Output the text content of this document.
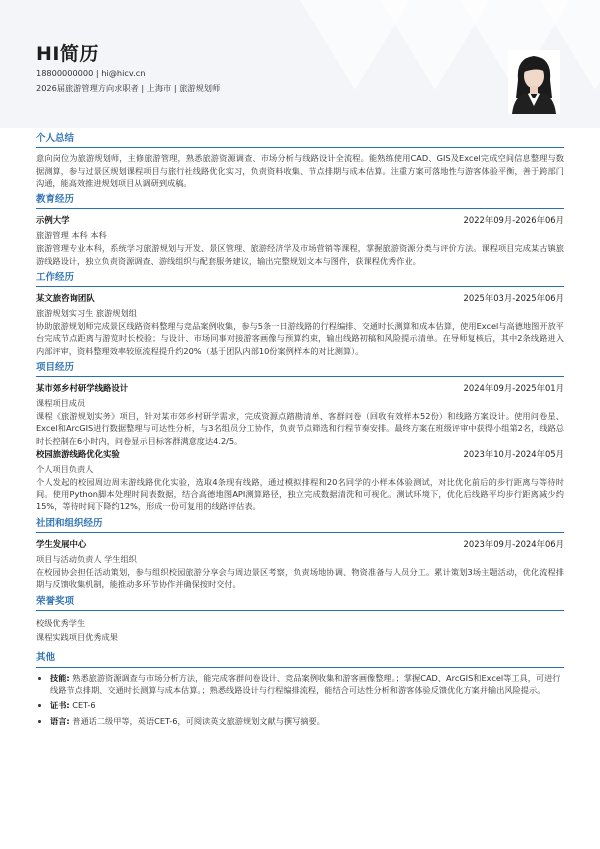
HI简历
18800000000 | hi@hicv.cn
2026届旅游管理方向求职者 | 上海市 | 旅游规划师
个人总结
意向岗位为旅游规划师，主修旅游管理，熟悉旅游资源调查、市场分析与线路设计全流程。能熟练使用CAD、GIS及Excel完成空间信息整理与数据测算，参与过景区规划课程项目与旅行社线路优化实习，负责资料收集、节点排期与成本估算。注重方案可落地性与游客体验平衡，善于跨部门沟通，能高效推进规划项目从调研到成稿。
教育经历
示例大学	2022年09月-2026年06月
旅游管理 本科 本科
旅游管理专业本科，系统学习旅游规划与开发、景区管理、旅游经济学及市场营销等课程，掌握旅游资源分类与评价方法。课程项目完成某古镇旅游线路设计，独立负责资源调查、游线组织与配套服务建议，输出完整规划文本与图件，获课程优秀作业。
工作经历
某文旅咨询团队	2025年03月-2025年06月
旅游规划实习生 旅游规划组
协助旅游规划师完成景区线路资料整理与竞品案例收集，参与5条一日游线路的行程编排、交通时长测算和成本估算，使用Excel与高德地图开放平台完成节点距离与游览时长校验；与设计、市场同事对接游客画像与预算约束，输出线路初稿和风险提示清单。在导师复核后，其中2条线路进入内部评审，资料整理效率较原流程提升约20%（基于团队内部10份案例样本的对比测算）。
项目经历
某市郊乡村研学线路设计	2024年09月-2025年01月
课程项目成员
课程《旅游规划实务》项目，针对某市郊乡村研学需求，完成资源点踏勘清单、客群问卷（回收有效样本52份）和线路方案设计。使用问卷星、Excel和ArcGIS进行数据整理与可达性分析，与3名组员分工协作，负责节点筛选和行程节奏安排。最终方案在班级评审中获得小组第2名，线路总时长控制在6小时内，问卷显示目标客群满意度达4.2/5。
校园旅游线路优化实验	2023年10月-2024年05月
个人项目负责人
个人发起的校园周边周末游线路优化实验，选取4条现有线路，通过模拟排程和20名同学的小样本体验测试，对比优化前后的步行距离与等待时间。使用Python脚本处理时间表数据，结合高德地图API测算路径，独立完成数据清洗和可视化。测试环境下，优化后线路平均步行距离减少约15%，等待时间下降约12%，形成一份可复用的线路评估表。
社团和组织经历
学生发展中心	2023年09月-2024年06月
项目与活动负责人 学生组织
在校园协会担任活动策划，参与组织校园旅游分享会与周边景区考察，负责场地协调、物资准备与人员分工。累计策划3场主题活动，优化流程排期与反馈收集机制，能推动多环节协作并确保按时交付。
荣誉奖项
校级优秀学生
课程实践项目优秀成果
其他
• 技能: 熟悉旅游资源调查与市场分析方法，能完成客群问卷设计、竞品案例收集和游客画像整理。；掌握CAD、ArcGIS和Excel等工具，可进行线路节点排期、交通时长测算与成本估算。；熟悉线路设计与行程编排流程，能结合可达性分析和游客体验反馈优化方案并输出风险提示。
• 证书: CET-6
• 语言: 普通话二级甲等，英语CET-6，可阅读英文旅游规划文献与撰写摘要。
